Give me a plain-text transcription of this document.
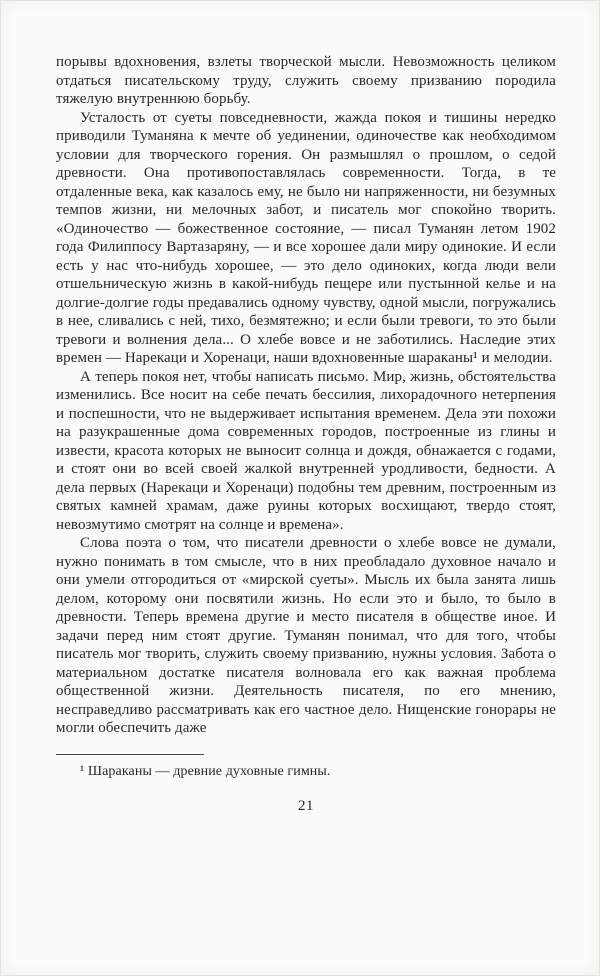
порывы вдохновения, взлеты творческой мысли. Невозможность целиком отдаться писательскому труду, служить своему призванию породила тяжелую внутреннюю борьбу.

Усталость от суеты повседневности, жажда покоя и тишины нередко приводили Туманяна к мечте об уединении, одиночестве как необходимом условии для творческого горения. Он размышлял о прошлом, о седой древности. Она противопоставлялась современности. Тогда, в те отдаленные века, как казалось ему, не было ни напряженности, ни безумных темпов жизни, ни мелочных забот, и писатель мог спокойно творить. «Одиночество — божественное состояние, — писал Туманян летом 1902 года Филиппосу Вартазаряну, — и все хорошее дали миру одинокие. И если есть у нас что-нибудь хорошее, — это дело одиноких, когда люди вели отшельническую жизнь в какой-нибудь пещере или пустынной келье и на долгие-долгие годы предавались одному чувству, одной мысли, погружались в нее, сливались с ней, тихо, безмятежно; и если были тревоги, то это были тревоги и волнения дела... О хлебе вовсе и не заботились. Наследие этих времен — Нарекаци и Хоренаци, наши вдохновенные шараканы¹ и мелодии.

А теперь покоя нет, чтобы написать письмо. Мир, жизнь, обстоятельства изменились. Все носит на себе печать бессилия, лихорадочного нетерпения и поспешности, что не выдерживает испытания временем. Дела эти похожи на разукрашенные дома современных городов, построенные из глины и извести, красота которых не выносит солнца и дождя, обнажается с годами, и стоят они во всей своей жалкой внутренней уродливости, бедности. А дела первых (Нарекаци и Хоренаци) подобны тем древним, построенным из святых камней храмам, даже руины которых восхищают, твердо стоят, невозмутимо смотрят на солнце и времена».

Слова поэта о том, что писатели древности о хлебе вовсе не думали, нужно понимать в том смысле, что в них преобладало духовное начало и они умели отгородиться от «мирской суеты». Мысль их была занята лишь делом, которому они посвятили жизнь. Но если это и было, то было в древности. Теперь времена другие и место писателя в обществе иное. И задачи перед ним стоят другие. Туманян понимал, что для того, чтобы писатель мог творить, служить своему призванию, нужны условия. Забота о материальном достатке писателя волновала его как важная проблема общественной жизни. Деятельность писателя, по его мнению, несправедливо рассматривать как его частное дело. Нищенские гонорары не могли обеспечить даже

¹ Шараканы — древние духовные гимны.

21
